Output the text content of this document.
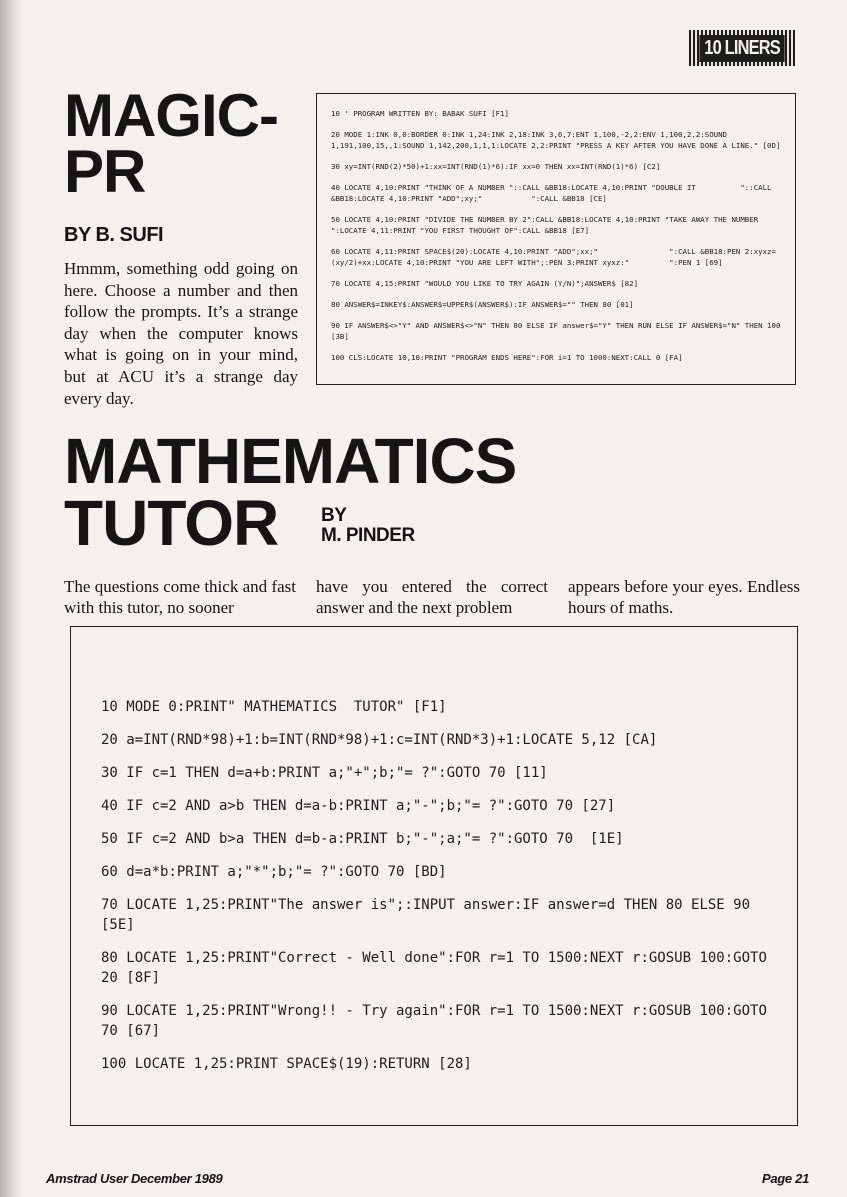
10 LINERS
MAGIC-PR
BY B. SUFI

Hmmm, something odd going on here. Choose a number and then follow the prompts. It’s a strange day when the computer knows what is going on in your mind, but at ACU it’s a strange day every day.

10 ' PROGRAM WRITTEN BY: BABAK SUFI [F1]

20 MODE 1:INK 0,0:BORDER 0:INK 1,24:INK 2,18:INK 3,6,7:ENT 1,100,-2,2:ENV 1,100,2,2:SOUND 1,191,100,15,,1:SOUND 1,142,200,1,1,1:LOCATE 2,2:PRINT "PRESS A KEY AFTER YOU HAVE DONE A LINE." [0D]

30 xy=INT(RND(2)*50)+1:xx=INT(RND(1)*6):IF xx=0 THEN xx=INT(RND(1)*6) [C2]

40 LOCATE 4,10:PRINT "THINK OF A NUMBER "::CALL &BB18:LOCATE 4,10:PRINT "DOUBLE IT          "::CALL &BB18:LOCATE 4,10:PRINT "ADD";xy;"           ":CALL &BB18 [CE]

50 LOCATE 4,10:PRINT "DIVIDE THE NUMBER BY 2":CALL &BB18:LOCATE 4,10:PRINT "TAKE AWAY THE NUMBER       ":LOCATE 4,11:PRINT "YOU FIRST THOUGHT OF":CALL &BB18 [E7]

60 LOCATE 4,11:PRINT SPACE$(20):LOCATE 4,10:PRINT "ADD";xx;"                ":CALL &BB18:PEN 2:xyxz=(xy/2)+xx:LOCATE 4,10:PRINT "YOU ARE LEFT WITH";:PEN 3:PRINT xyxz:"         ":PEN 1 [69]

70 LOCATE 4,15:PRINT "WOULD YOU LIKE TO TRY AGAIN (Y/N)";ANSWER$ [82]

80 ANSWER$=INKEY$:ANSWER$=UPPER$(ANSWER$):IF ANSWER$="" THEN 80 [01]

90 IF ANSWER$<>"Y" AND ANSWER$<>"N" THEN 80 ELSE IF answer$="Y" THEN RUN ELSE IF ANSWER$="N" THEN 100 [3B]

100 CLS:LOCATE 10,10:PRINT "PROGRAM ENDS HERE":FOR i=1 TO 1000:NEXT:CALL 0 [FA]

MATHEMATICS
TUTOR	BY
M. PINDER

The questions come thick and fast with this tutor, no sooner

have you entered the correct answer and the next problem

appears before your eyes. Endless hours of maths.

10 MODE 0:PRINT" MATHEMATICS  TUTOR" [F1]

20 a=INT(RND*98)+1:b=INT(RND*98)+1:c=INT(RND*3)+1:LOCATE 5,12 [CA]

30 IF c=1 THEN d=a+b:PRINT a;"+";b;"= ?":GOTO 70 [11]

40 IF c=2 AND a>b THEN d=a-b:PRINT a;"-";b;"= ?":GOTO 70 [27]

50 IF c=2 AND b>a THEN d=b-a:PRINT b;"-";a;"= ?":GOTO 70  [1E]

60 d=a*b:PRINT a;"*";b;"= ?":GOTO 70 [BD]

70 LOCATE 1,25:PRINT"The answer is";:INPUT answer:IF answer=d THEN 80 ELSE 90 [5E]

80 LOCATE 1,25:PRINT"Correct - Well done":FOR r=1 TO 1500:NEXT r:GOSUB 100:GOTO 20 [8F]

90 LOCATE 1,25:PRINT"Wrong!! - Try again":FOR r=1 TO 1500:NEXT r:GOSUB 100:GOTO 70 [67]

100 LOCATE 1,25:PRINT SPACE$(19):RETURN [28]

Amstrad User December 1989	Page 21
